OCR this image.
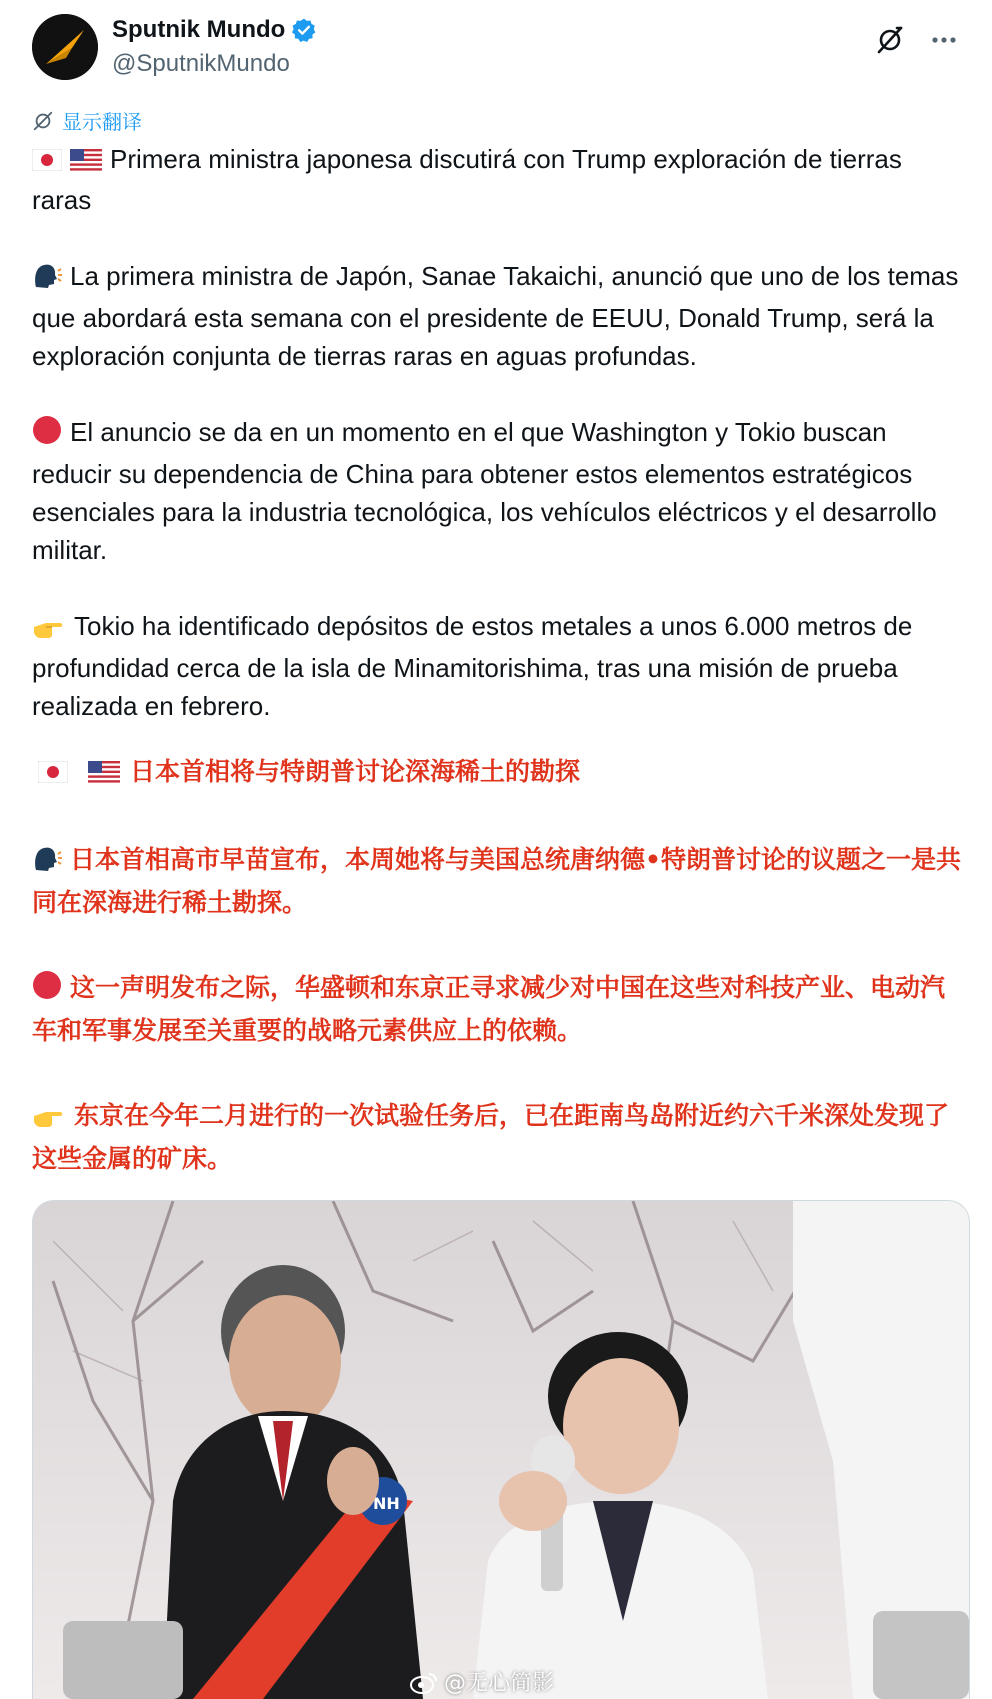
Sputnik Mundo
@SputnikMundo
显示翻译

Primera ministra japonesa discutirá con Trump exploración de tierras raras

La primera ministra de Japón, Sanae Takaichi, anunció que uno de los temas que abordará esta semana con el presidente de EEUU, Donald Trump, será la exploración conjunta de tierras raras en aguas profundas.

El anuncio se da en un momento en el que Washington y Tokio buscan reducir su dependencia de China para obtener estos elementos estratégicos esenciales para la industria tecnológica, los vehículos eléctricos y el desarrollo militar.

Tokio ha identificado depósitos de estos metales a unos 6.000 metros de profundidad cerca de la isla de Minamitorishima, tras una misión de prueba realizada en febrero.

日本首相将与特朗普讨论深海稀土的勘探

日本首相高市早苗宣布，本周她将与美国总统唐纳德•特朗普讨论的议题之一是共同在深海进行稀土勘探。

这一声明发布之际，华盛顿和东京正寻求减少对中国在这些对科技产业、电动汽车和军事发展至关重要的战略元素供应上的依赖。

东京在今年二月进行的一次试验任务后，已在距南鸟岛附近约六千米深处发现了这些金属的矿床。

NH
@无心简影
